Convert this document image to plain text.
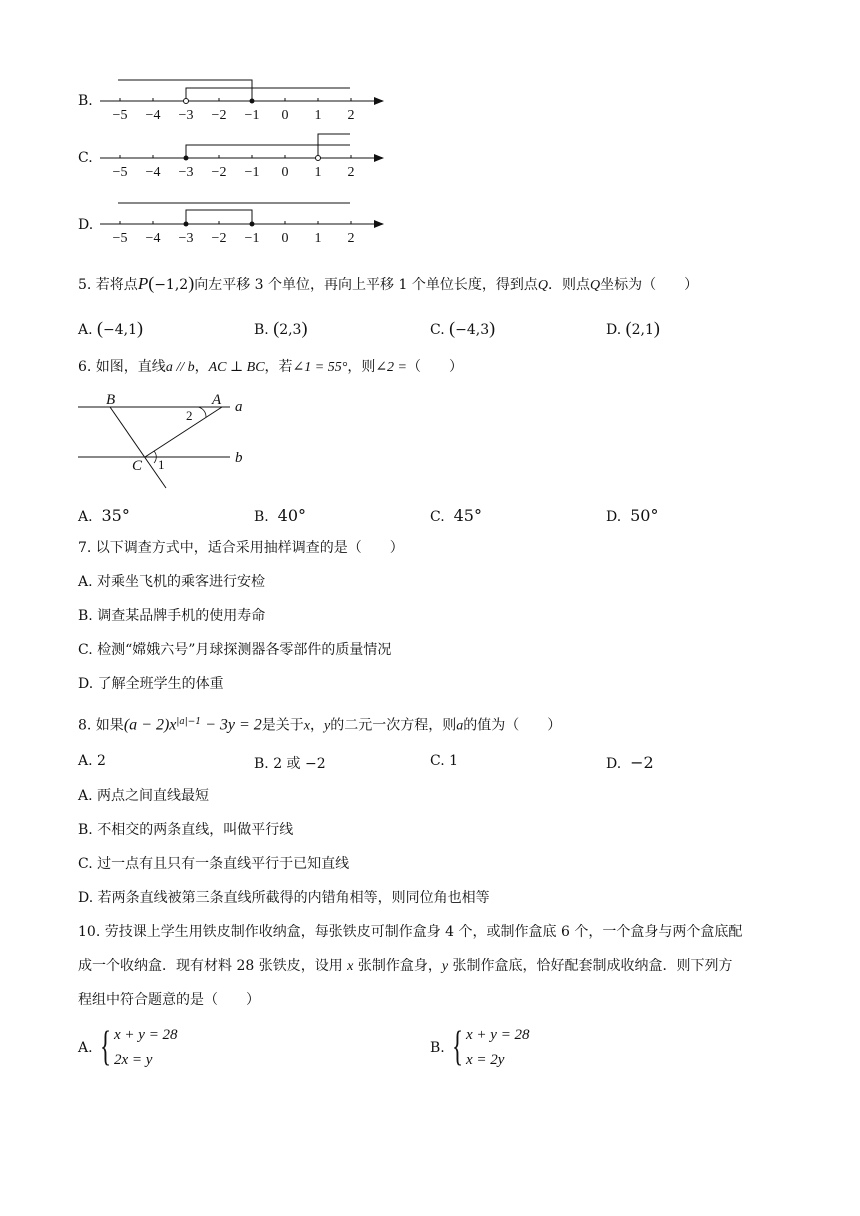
B.
−5 −4 −3 −2 −1 0 1 2
C.
−5 −4 −3 −2 −1 0 1 2
D.
−5 −4 −3 −2 −1 0 1 2
5. 若将点P(−1,2)向左平移 3 个单位，再向上平移 1 个单位长度，得到点Q．则点Q坐标为（　　）
A. (−4,1)	B. (2,3)	C. (−4,3)	D. (2,1)
6. 如图，直线a // b，AC ⊥ BC，若∠1 = 55°，则∠2 =（　　）
B	A a
C	b
1
2
A. 35°	B. 40°	C. 45°	D. 50°
7. 以下调查方式中，适合采用抽样调查的是（　　）
A. 对乘坐飞机的乘客进行安检
B. 调查某品牌手机的使用寿命
C. 检测“嫦娥六号”月球探测器各零部件的质量情况
D. 了解全班学生的体重
8. 如果$(a - 2)x^{|a|-1} - 3y = 2$是关于x，y的二元一次方程，则a的值为（　　）
A. 2	B. 2 或 −2	C. 1	D. −2
A. 两点之间直线最短
B. 不相交的两条直线，叫做平行线
C. 过一点有且只有一条直线平行于已知直线
D. 若两条直线被第三条直线所截得的内错角相等，则同位角也相等
10. 劳技课上学生用铁皮制作收纳盒，每张铁皮可制作盒身 4 个，或制作盒底 6 个，一个盒身与两个盒底配
成一个收纳盒．现有材料 28 张铁皮，设用 x 张制作盒身，y 张制作盒底，恰好配套制成收纳盒．则下列方
程组中符合题意的是（　　）
A. { x + y = 28
2x = y
B. { x + y = 28
x = 2y
